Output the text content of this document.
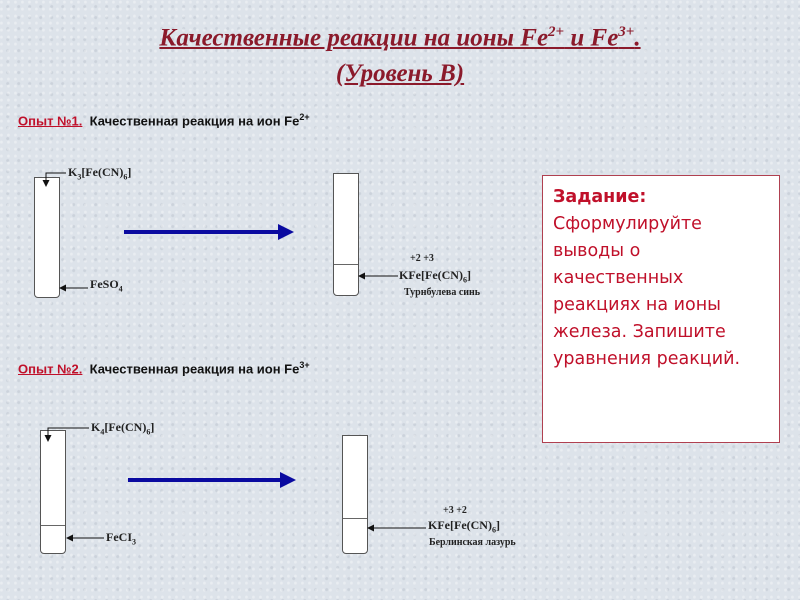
Качественные реакции на ионы $Fe^{2+}$ и $Fe^{3+}$.
(Уровень В)
Опыт №1. Качественная реакция на ион $Fe^{2+}$
$K_3[Fe(CN)_6]$
FeSO$_4$
+2 +3
$KFe[Fe(CN)_6]$
Турнбулева синь
Опыт №2. Качественная реакция на ион $Fe^{3+}$
$K_4[Fe(CN)_6]$
FeCI$_3$
+3 +2
$KFe[Fe(CN)_6]$
Берлинская лазурь
Задание:
Сформулируйте выводы о качественных реакциях на ионы железа. Запишите уравнения реакций.
